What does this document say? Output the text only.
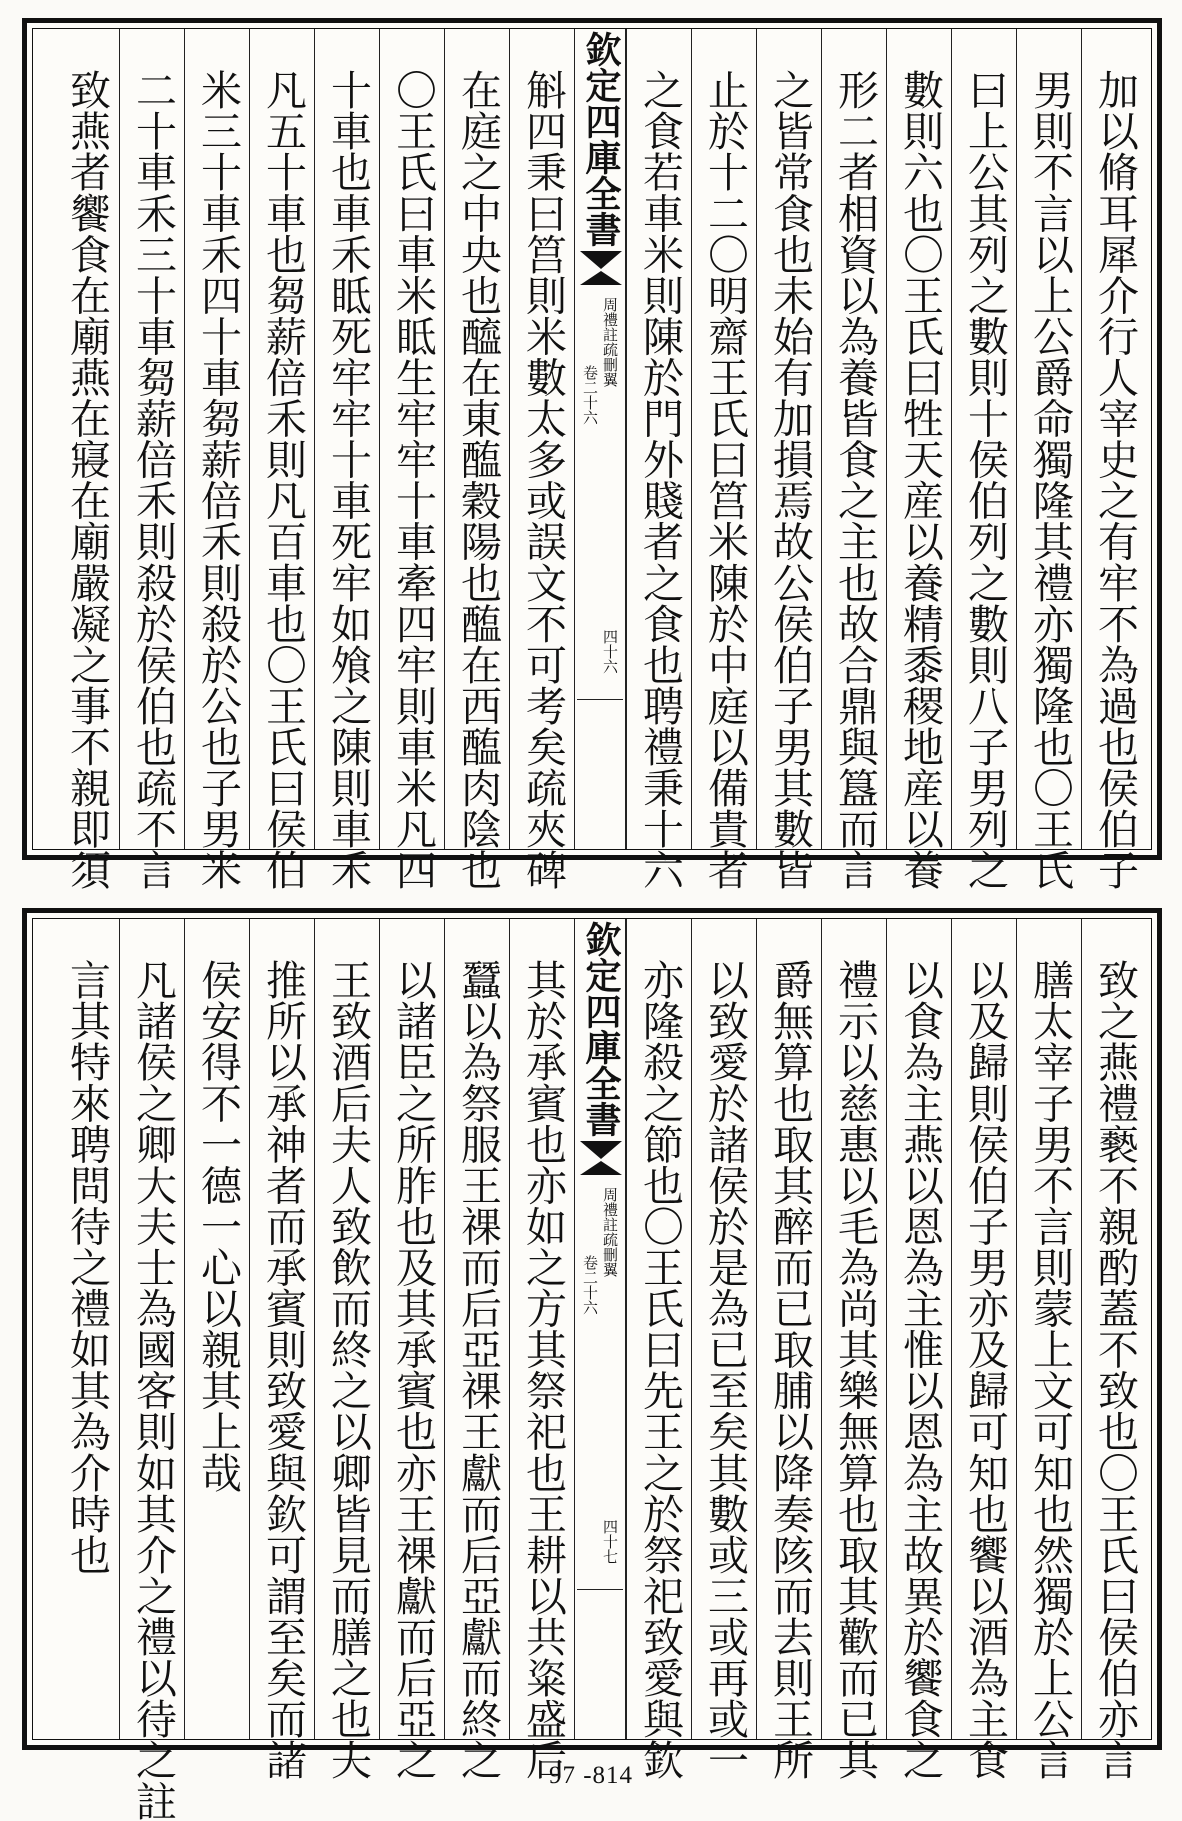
加以脩耳犀介行人宰史之有牢不為過也侯伯子
男則不言以上公爵命獨隆其禮亦獨隆也〇王氏
曰上公其列之數則十侯伯列之數則八子男列之
數則六也〇王氏曰牲天産以養精黍稷地産以養
形二者相資以為養皆食之主也故合鼎與簋而言
之皆常食也未始有加損焉故公侯伯子男其數皆
止於十二〇明齋王氏曰筥米陳於中庭以備貴者
之食若車米則陳於門外賤者之食也聘禮秉十六
欽定四庫全書
周禮註疏刪翼
卷二十六
四十六
斛四秉曰筥則米數太多或誤文不可考矣疏夾碑
在庭之中央也醯在東醢穀陽也醢在西醢肉陰也
〇王氏曰車米眡生牢牢十車牽四牢則車米凡四
十車也車禾眡死牢牢十車死牢如飧之陳則車禾
凡五十車也芻薪倍禾則凡百車也〇王氏曰侯伯
米三十車禾四十車芻薪倍禾則殺於公也子男米
二十車禾三十車芻薪倍禾則殺於侯伯也疏不言
致燕者饗食在廟燕在寢在廟嚴凝之事不親即須
致之燕禮褻不親酌蓋不致也〇王氏曰侯伯亦言
膳太宰子男不言則蒙上文可知也然獨於上公言
以及歸則侯伯子男亦及歸可知也饗以酒為主食
以食為主燕以恩為主惟以恩為主故異於饗食之
禮示以慈惠以毛為尚其樂無算也取其歡而已其
爵無算也取其醉而已取脯以降奏陔而去則王所
以致愛於諸侯於是為已至矣其數或三或再或一
亦隆殺之節也〇王氏曰先王之於祭祀致愛與欽
欽定四庫全書
周禮註疏刪翼
卷二十六
四十七
其於承賓也亦如之方其祭祀也王耕以共粢盛后
蠶以為祭服王祼而后亞祼王獻而后亞獻而終之
以諸臣之所胙也及其承賓也亦王祼獻而后亞之
王致酒后夫人致飲而終之以卿皆見而膳之也夫
推所以承神者而承賓則致愛與欽可謂至矣而諸
侯安得不一德一心以親其上哉
凡諸侯之卿大夫士為國客則如其介之禮以待之註
言其特來聘問待之禮如其為介時也
97 -814
